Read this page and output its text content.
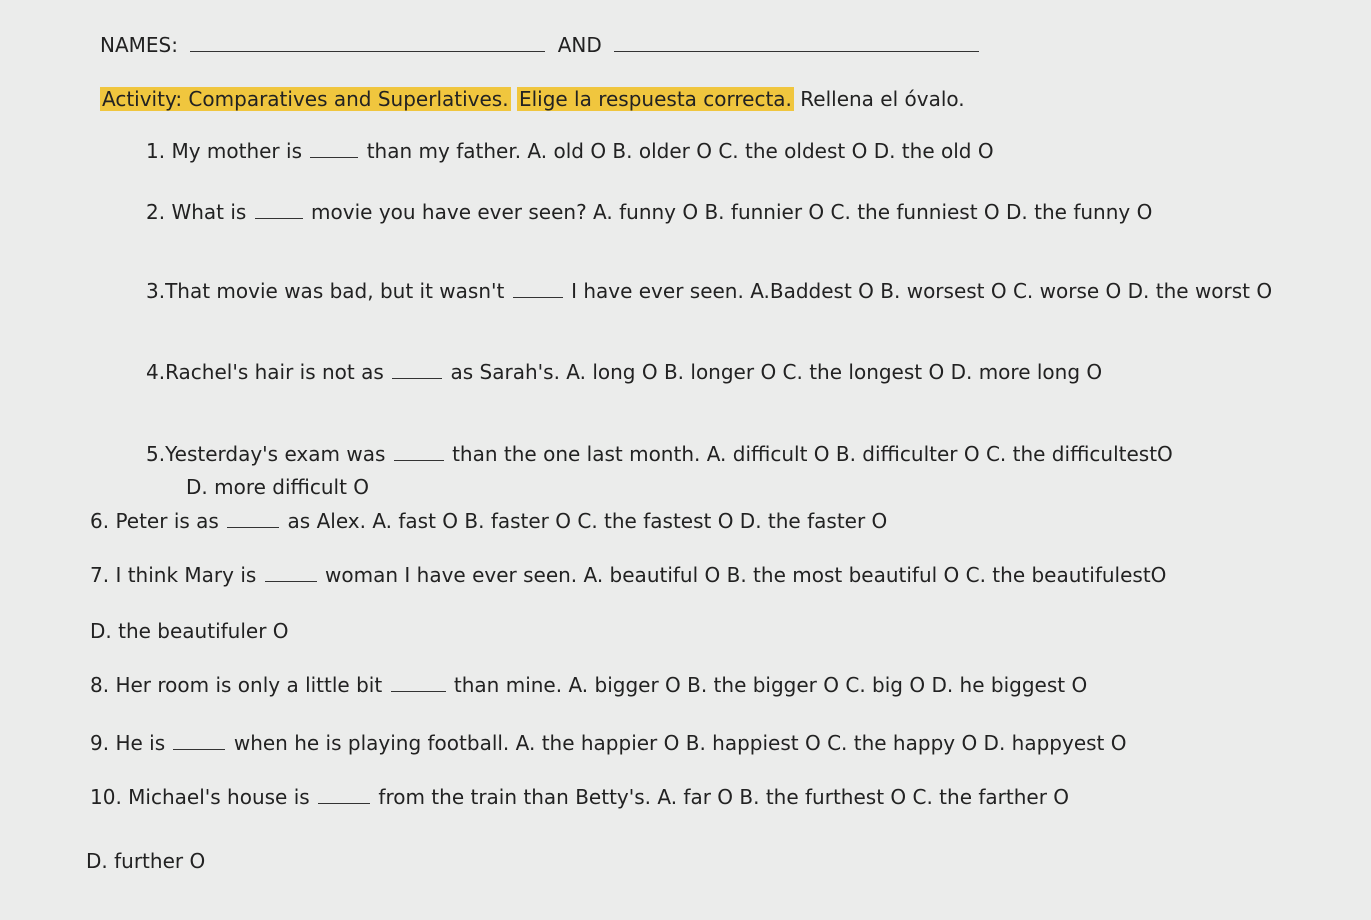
NAMES:	AND
Activity: Comparatives and Superlatives. Elige la respuesta correcta. Rellena el óvalo.
1. My mother is	than my father. A. old O B. older O C. the oldest O D. the old O
2. What is	movie you have ever seen? A. funny O B. funnier O C. the funniest O D. the funny O
3.That movie was bad, but it wasn't	I have ever seen. A.Baddest O B. worsest O C. worse O D. the worst O
4.Rachel's hair is not as	as Sarah's. A. long O B. longer O C. the longest O D. more long O
5.Yesterday's exam was	than the one last month. A. difficult O B. difficulter O C. the difficultestO
D. more difficult O
6. Peter is as	as Alex. A. fast O B. faster O C. the fastest O D. the faster O
7. I think Mary is	woman I have ever seen. A. beautiful O B. the most beautiful O C. the beautifulestO
D. the beautifuler O
8. Her room is only a little bit	than mine. A. bigger O B. the bigger O C. big O D. he biggest O
9. He is	when he is playing football. A. the happier O B. happiest O C. the happy O D. happyest O
10. Michael's house is	from the train than Betty's. A. far O B. the furthest O C. the farther O
D. further O
